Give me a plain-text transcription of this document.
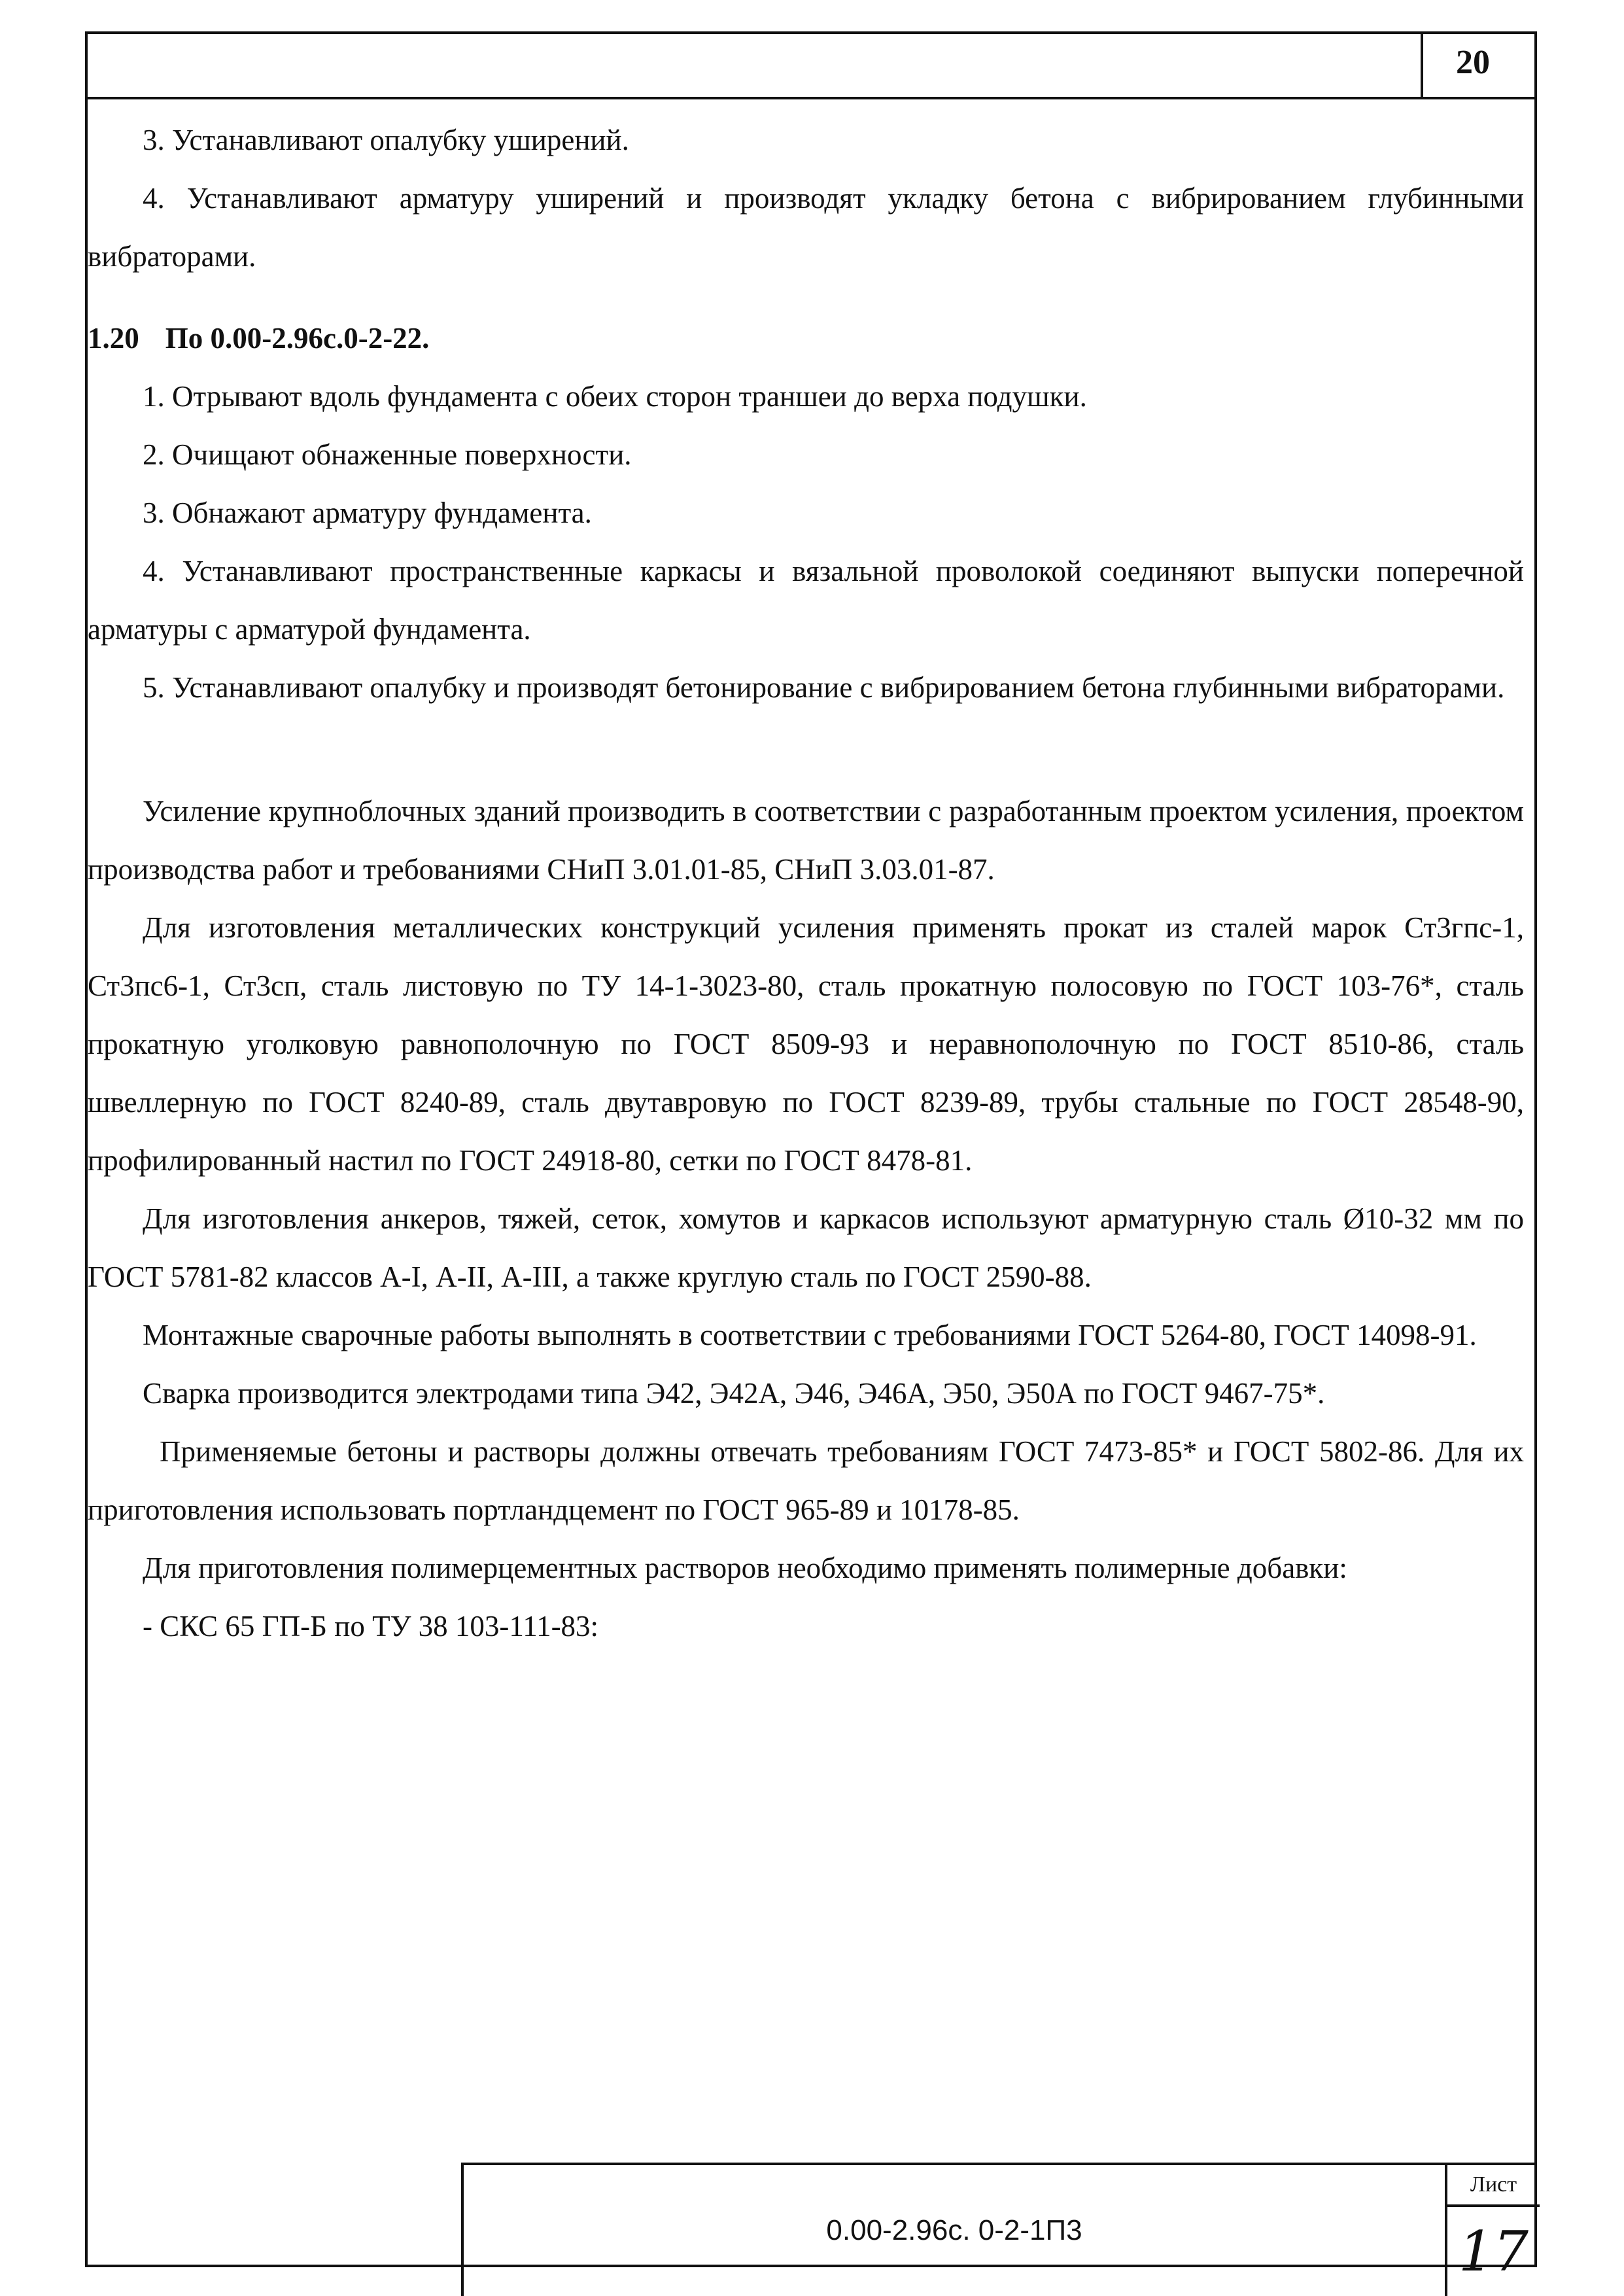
20

3. Устанавливают опалубку уширений.

4. Устанавливают арматуру уширений и производят укладку бетона с вибрированием глубинными вибраторами.

1.20 По 0.00-2.96с.0-2-22.

1. Отрывают вдоль фундамента с обеих сторон траншеи до верха подушки.

2. Очищают обнаженные поверхности.

3. Обнажают арматуру фундамента.

4. Устанавливают пространственные каркасы и вязальной проволокой соединяют выпуски поперечной арматуры с арматурой фундамента.

5. Устанавливают опалубку и производят бетонирование с вибрированием бетона глубинными вибраторами.

Усиление крупноблочных зданий производить в соответствии с разработанным проектом усиления, проектом производства работ и требованиями СНиП 3.01.01-85, СНиП 3.03.01-87.

Для изготовления металлических конструкций усиления применять прокат из сталей марок Ст3гпс-1, Ст3пс6-1, Ст3сп, сталь листовую по ТУ 14-1-3023-80, сталь прокатную полосовую по ГОСТ 103-76*, сталь прокатную уголковую равнополочную по ГОСТ 8509-93 и неравнополочную по ГОСТ 8510-86, сталь швеллерную по ГОСТ 8240-89, сталь двутавровую по ГОСТ 8239-89, трубы стальные по ГОСТ 28548-90, профилированный настил по ГОСТ 24918-80, сетки по ГОСТ 8478-81.

Для изготовления анкеров, тяжей, сеток, хомутов и каркасов используют арматурную сталь Ø10-32 мм по ГОСТ 5781-82 классов А-I, А-II, А-III, а также круглую сталь по ГОСТ 2590-88.

Монтажные сварочные работы выполнять в соответствии с требованиями ГОСТ 5264-80, ГОСТ 14098-91.

Сварка производится электродами типа Э42, Э42А, Э46, Э46А, Э50, Э50А по ГОСТ 9467-75*.

Применяемые бетоны и растворы должны отвечать требованиям ГОСТ 7473-85* и ГОСТ 5802-86. Для их приготовления использовать портландцемент по ГОСТ 965-89 и 10178-85.

Для приготовления полимерцементных растворов необходимо применять полимерные добавки:

- СКС 65 ГП-Б по ТУ 38 103-111-83:

0.00-2.96с. 0-2-1П3
Лист
17
